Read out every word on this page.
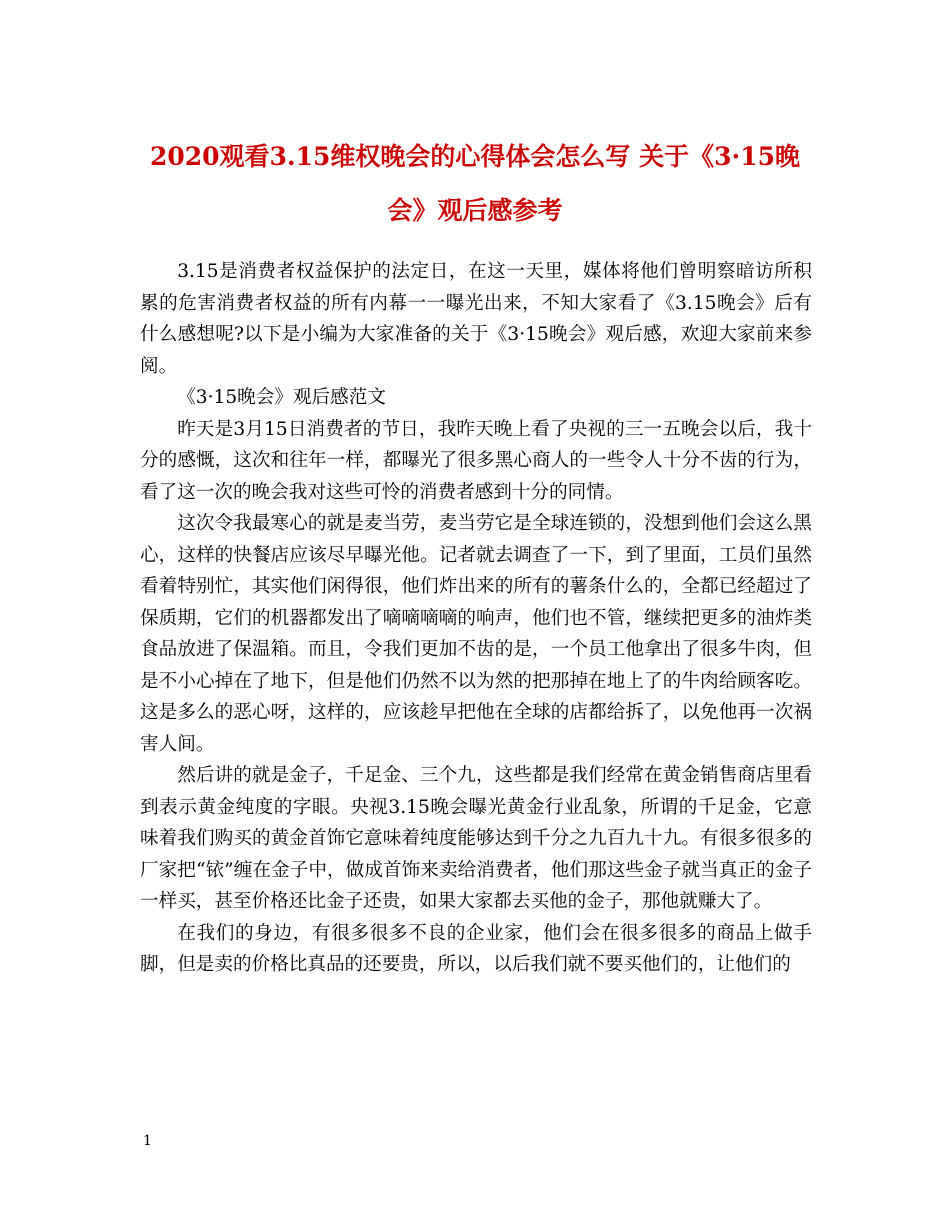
2020观看3.15维权晚会的心得体会怎么写 关于《3·15晚会》观后感参考

3.15是消费者权益保护的法定日，在这一天里，媒体将他们曾明察暗访所积累的危害消费者权益的所有内幕一一曝光出来，不知大家看了《3.15晚会》后有什么感想呢?以下是小编为大家准备的关于《3·15晚会》观后感，欢迎大家前来参阅。

《3·15晚会》观后感范文

昨天是3月15日消费者的节日，我昨天晚上看了央视的三一五晚会以后，我十分的感慨，这次和往年一样，都曝光了很多黑心商人的一些令人十分不齿的行为，看了这一次的晚会我对这些可怜的消费者感到十分的同情。

这次令我最寒心的就是麦当劳，麦当劳它是全球连锁的，没想到他们会这么黑心，这样的快餐店应该尽早曝光他。记者就去调查了一下，到了里面，工员们虽然看着特别忙，其实他们闲得很，他们炸出来的所有的薯条什么的，全都已经超过了保质期，它们的机器都发出了嘀嘀嘀嘀的响声，他们也不管，继续把更多的油炸类食品放进了保温箱。而且，令我们更加不齿的是，一个员工他拿出了很多牛肉，但是不小心掉在了地下，但是他们仍然不以为然的把那掉在地上了的牛肉给顾客吃。这是多么的恶心呀，这样的，应该趁早把他在全球的店都给拆了，以免他再一次祸害人间。

然后讲的就是金子，千足金、三个九，这些都是我们经常在黄金销售商店里看到表示黄金纯度的字眼。央视3.15晚会曝光黄金行业乱象，所谓的千足金，它意味着我们购买的黄金首饰它意味着纯度能够达到千分之九百九十九。有很多很多的厂家把“铱”缠在金子中，做成首饰来卖给消费者，他们那这些金子就当真正的金子一样买，甚至价格还比金子还贵，如果大家都去买他的金子，那他就赚大了。

在我们的身边，有很多很多不良的企业家，他们会在很多很多的商品上做手脚，但是卖的价格比真品的还要贵，所以，以后我们就不要买他们的，让他们的

1
